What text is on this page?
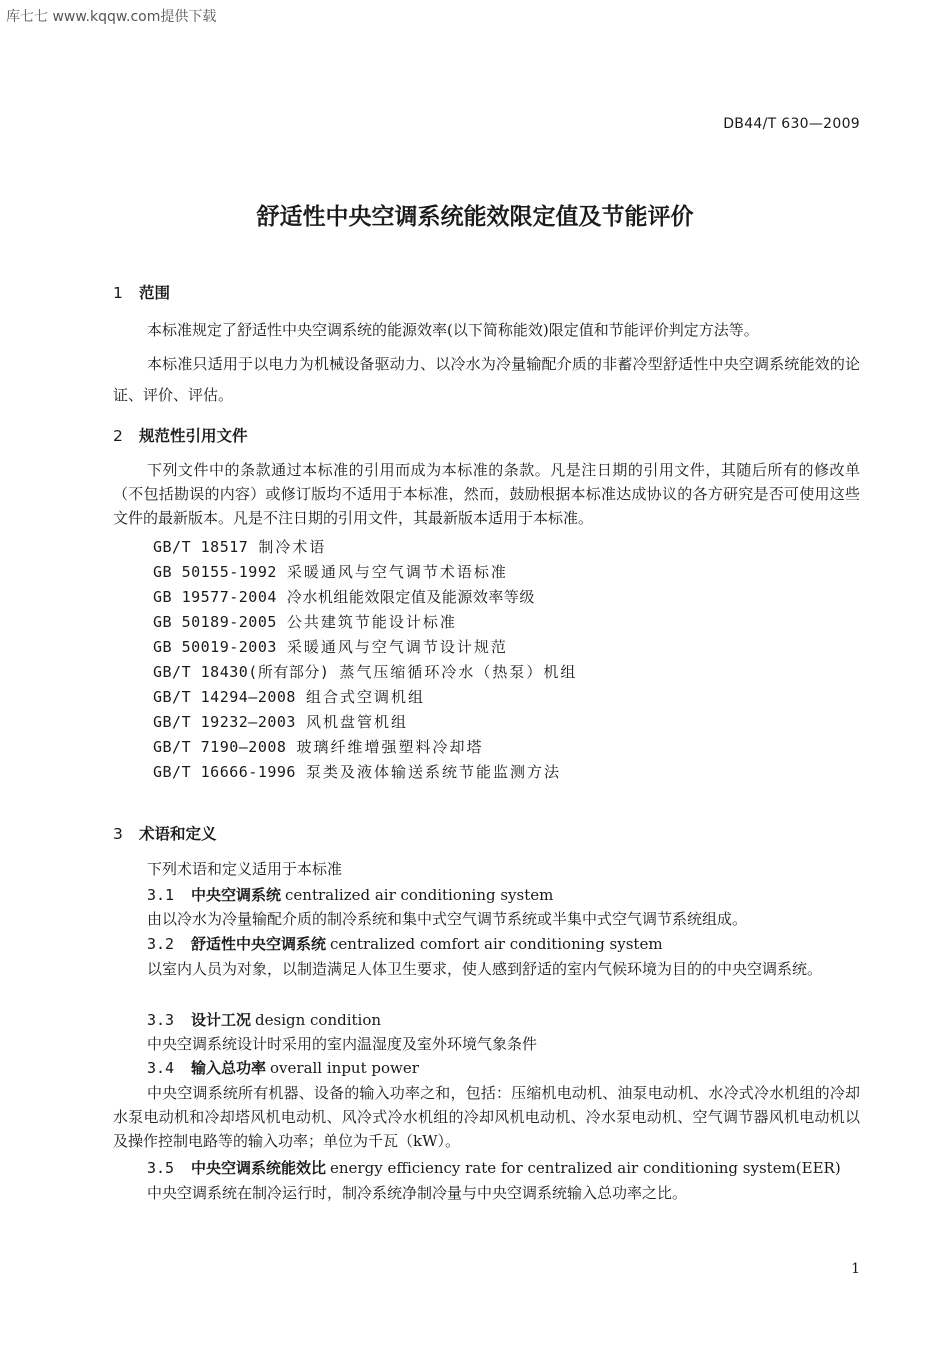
库七七 www.kqqw.com提供下载
DB44/T 630—2009
舒适性中央空调系统能效限定值及节能评价
1 范围
本标准规定了舒适性中央空调系统的能源效率(以下简称能效)限定值和节能评价判定方法等。
本标准只适用于以电力为机械设备驱动力、以冷水为冷量输配介质的非蓄冷型舒适性中央空调系统能效的论证、评价、评估。
2 规范性引用文件
下列文件中的条款通过本标准的引用而成为本标准的条款。凡是注日期的引用文件，其随后所有的修改单（不包括勘误的内容）或修订版均不适用于本标准，然而，鼓励根据本标准达成协议的各方研究是否可使用这些文件的最新版本。凡是不注日期的引用文件，其最新版本适用于本标准。
GB/T 18517 制冷术语
GB 50155-1992 采暖通风与空气调节术语标准
GB 19577-2004 冷水机组能效限定值及能源效率等级
GB 50189-2005 公共建筑节能设计标准
GB 50019-2003 采暖通风与空气调节设计规范
GB/T 18430(所有部分) 蒸气压缩循环冷水（热泵）机组
GB/T 14294—2008 组合式空调机组
GB/T 19232—2003 风机盘管机组
GB/T 7190—2008 玻璃纤维增强塑料冷却塔
GB/T 16666-1996 泵类及液体输送系统节能监测方法
3 术语和定义
下列术语和定义适用于本标准
3.1 中央空调系统 centralized air conditioning system
由以冷水为冷量输配介质的制冷系统和集中式空气调节系统或半集中式空气调节系统组成。
3.2 舒适性中央空调系统 centralized comfort air conditioning system
以室内人员为对象，以制造满足人体卫生要求，使人感到舒适的室内气候环境为目的的中央空调系统。
3.3 设计工况 design condition
中央空调系统设计时采用的室内温湿度及室外环境气象条件
3.4 输入总功率 overall input power
中央空调系统所有机器、设备的输入功率之和，包括：压缩机电动机、油泵电动机、水冷式冷水机组的冷却水泵电动机和冷却塔风机电动机、风冷式冷水机组的冷却风机电动机、冷水泵电动机、空气调节器风机电动机以及操作控制电路等的输入功率；单位为千瓦（kW）。
3.5 中央空调系统能效比 energy efficiency rate for centralized air conditioning system(EER)
中央空调系统在制冷运行时，制冷系统净制冷量与中央空调系统输入总功率之比。
1
